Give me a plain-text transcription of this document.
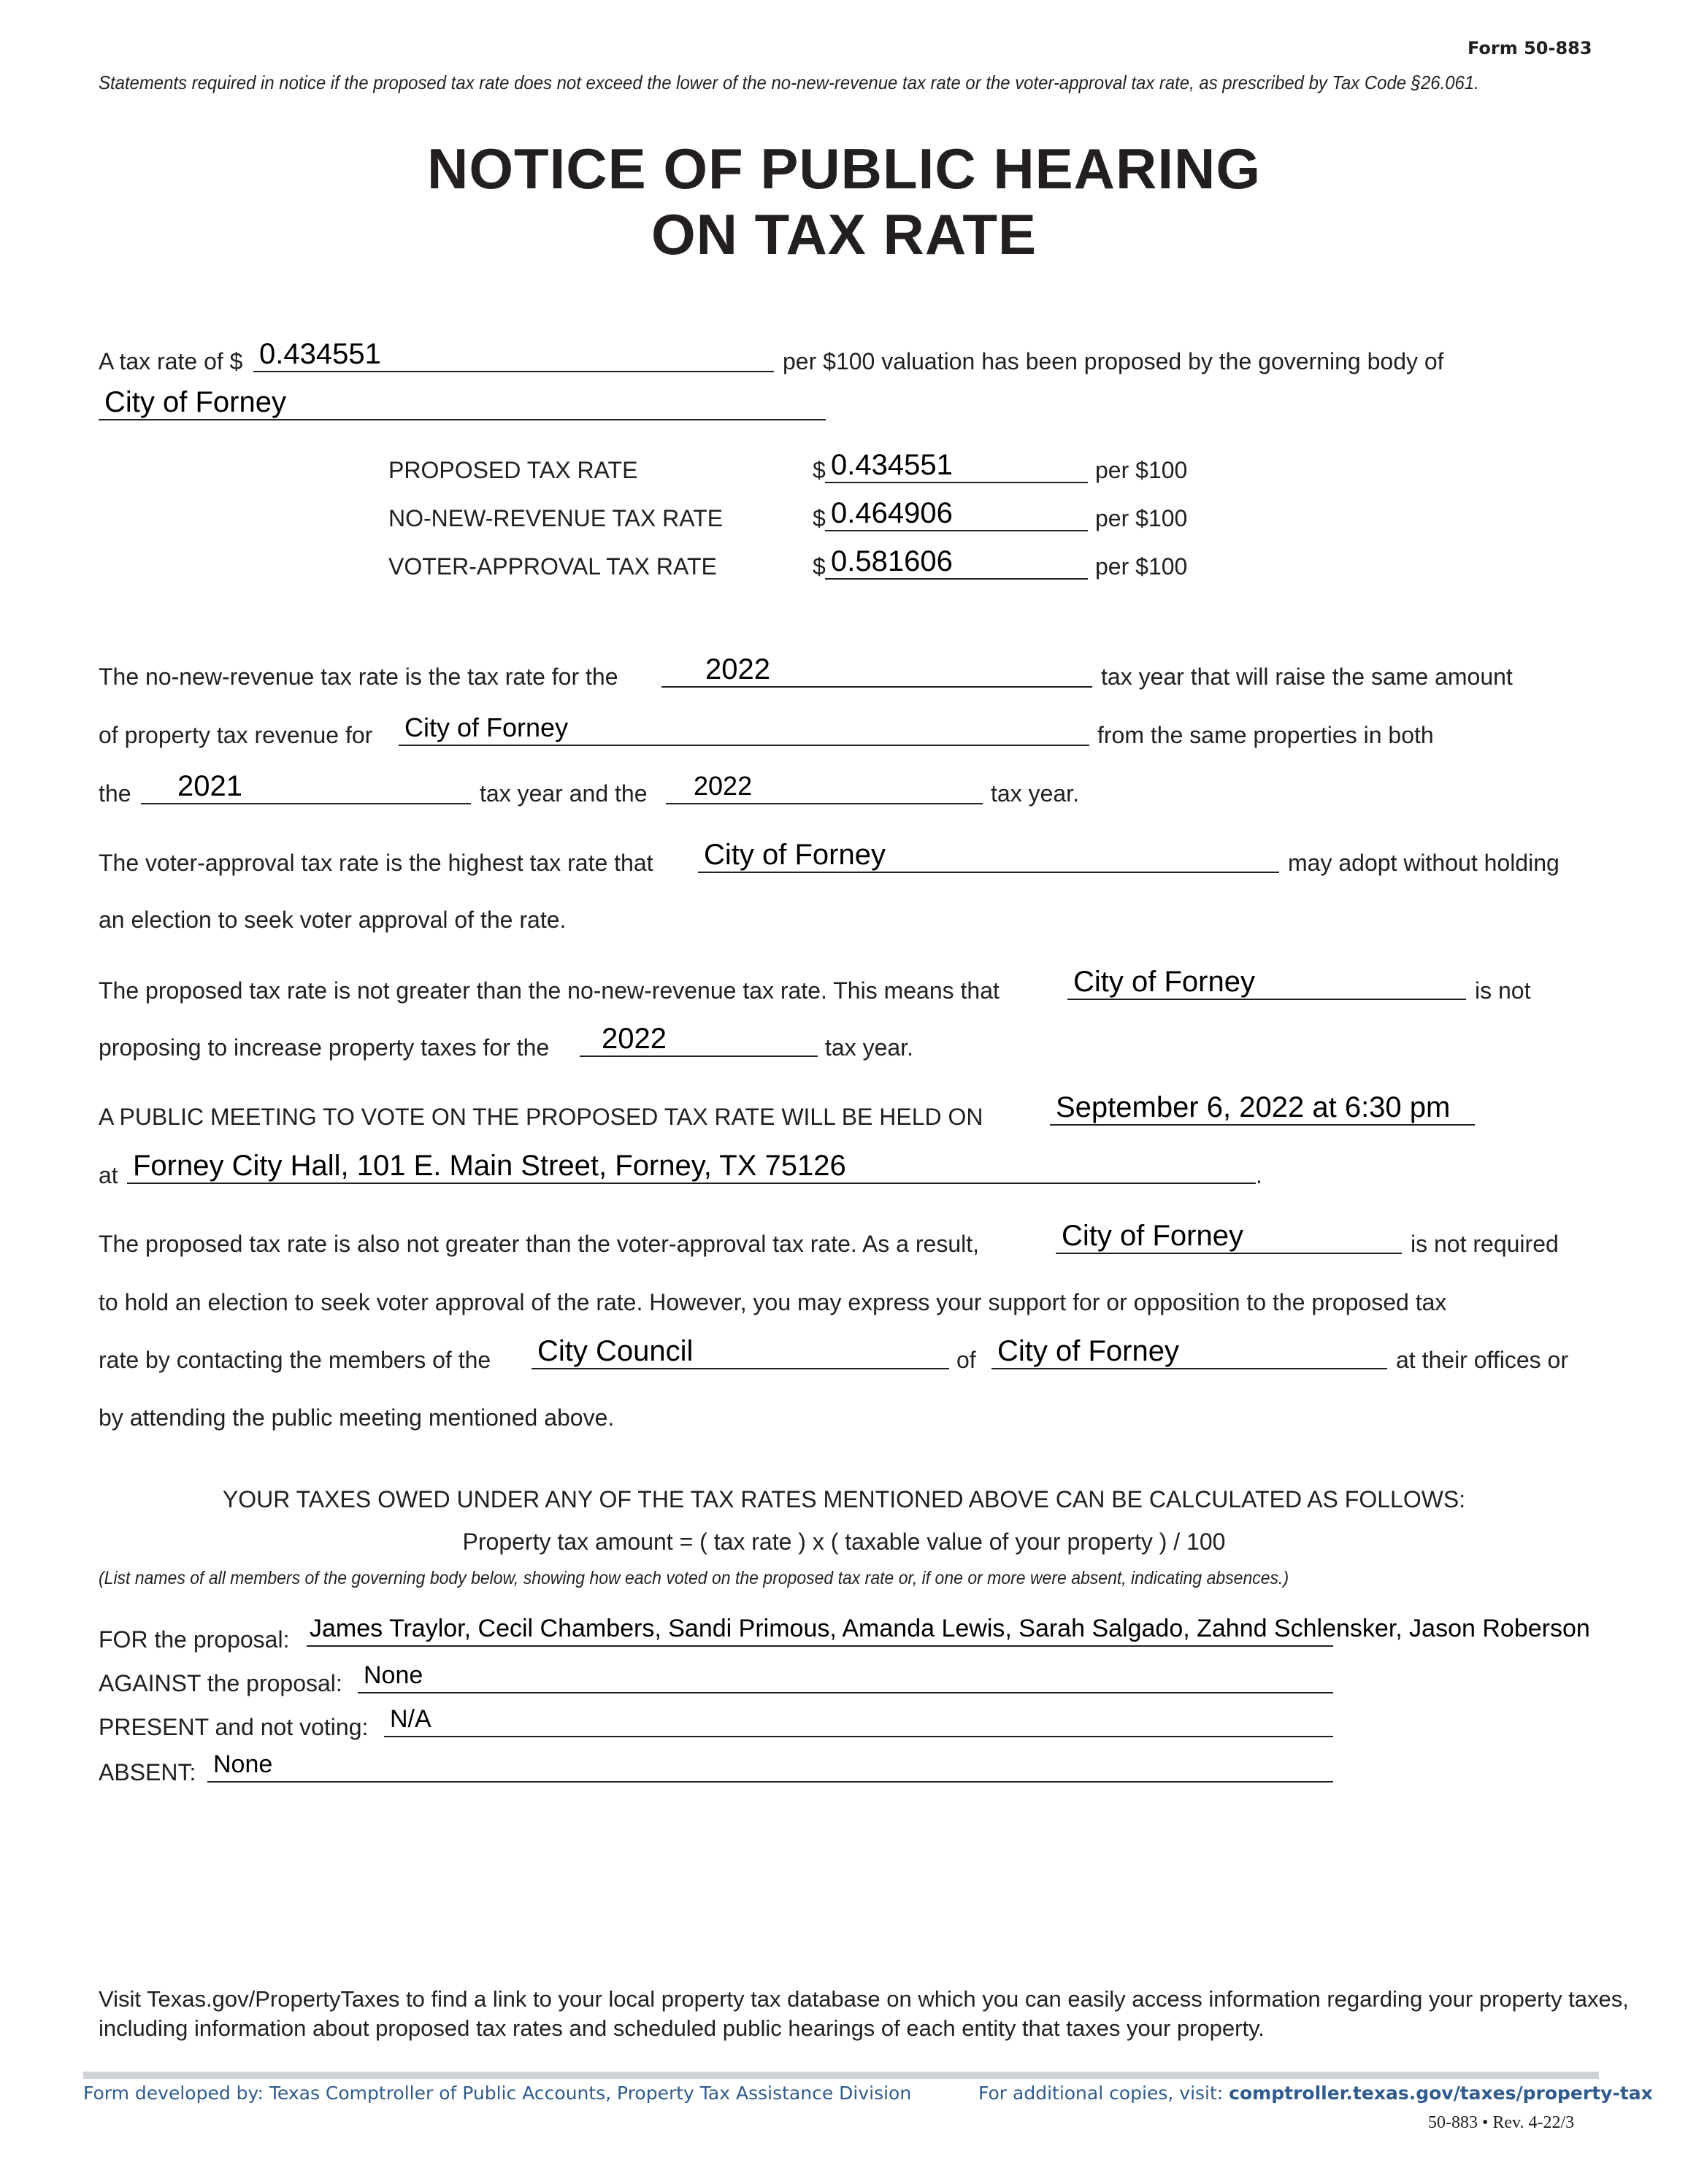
Form 50-883
Statements required in notice if the proposed tax rate does not exceed the lower of the no-new-revenue tax rate or the voter-approval tax rate, as prescribed by Tax Code §26.061.
NOTICE OF PUBLIC HEARING
ON TAX RATE
A tax rate of $ 0.434551	per $100 valuation has been proposed by the governing body of
City of Forney
PROPOSED TAX RATE	$ 0.434551	per $100
NO-NEW-REVENUE TAX RATE	$ 0.464906	per $100
VOTER-APPROVAL TAX RATE	$ 0.581606	per $100
The no-new-revenue tax rate is the tax rate for the	2022	tax year that will raise the same amount
of property tax revenue for City of Forney	from the same properties in both
the	2021	tax year and the	2022	tax year.
The voter-approval tax rate is the highest tax rate that City of Forney	may adopt without holding
an election to seek voter approval of the rate.
The proposed tax rate is not greater than the no-new-revenue tax rate. This means that	City of Forney	is not
proposing to increase property taxes for the	2022	tax year.
A PUBLIC MEETING TO VOTE ON THE PROPOSED TAX RATE WILL BE HELD ON September 6, 2022 at 6:30 pm
at Forney City Hall, 101 E. Main Street, Forney, TX 75126	.
The proposed tax rate is also not greater than the voter-approval tax rate. As a result,	City of Forney	is not required
to hold an election to seek voter approval of the rate. However, you may express your support for or opposition to the proposed tax
rate by contacting the members of the City Council	of City of Forney	at their offices or
by attending the public meeting mentioned above.
YOUR TAXES OWED UNDER ANY OF THE TAX RATES MENTIONED ABOVE CAN BE CALCULATED AS FOLLOWS:
Property tax amount = ( tax rate ) x ( taxable value of your property ) / 100
(List names of all members of the governing body below, showing how each voted on the proposed tax rate or, if one or more were absent, indicating absences.)
FOR the proposal: James Traylor, Cecil Chambers, Sandi Primous, Amanda Lewis, Sarah Salgado, Zahnd Schlensker, Jason Roberson
AGAINST the proposal: None
PRESENT and not voting: N/A
ABSENT: None
Visit Texas.gov/PropertyTaxes to find a link to your local property tax database on which you can easily access information regarding your property taxes, including information about proposed tax rates and scheduled public hearings of each entity that taxes your property.
Form developed by: Texas Comptroller of Public Accounts, Property Tax Assistance Division	For additional copies, visit: comptroller.texas.gov/taxes/property-tax
50-883 • Rev. 4-22/3
